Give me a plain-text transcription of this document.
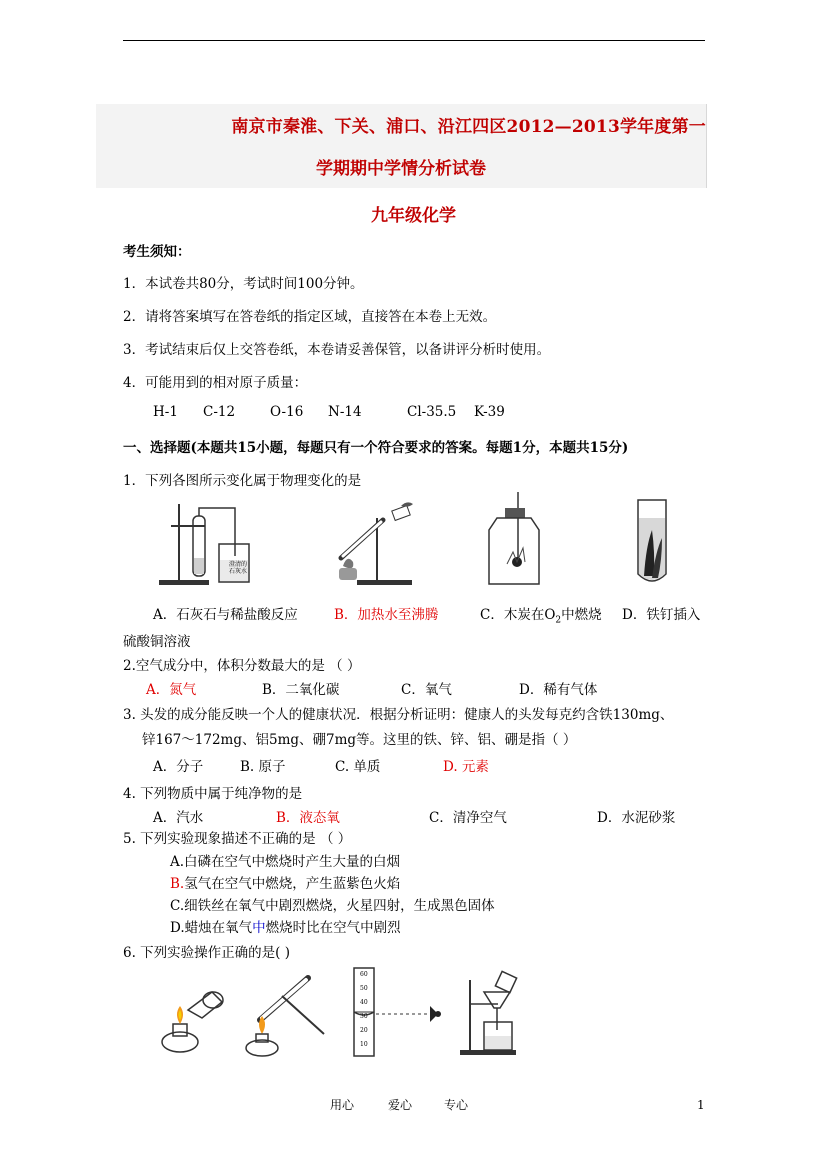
南京市秦淮、下关、浦口、沿江四区2012—2013学年度第一
学期期中学情分析试卷
九年级化学
考生须知：
1．本试卷共80分，考试时间100分钟。
2．请将答案填写在答卷纸的指定区域，直接答在本卷上无效。
3．考试结束后仅上交答卷纸，本卷请妥善保管，以备讲评分析时使用。
4．可能用到的相对原子质量：
H-1 C-12	O-16 N-14	Cl-35.5 K-39
一、选择题(本题共15小题，每题只有一个符合要求的答案。每题1分，本题共15分)
1．下列各图所示变化属于物理变化的是
澄清的
石灰水
A．石灰石与稀盐酸反应	B．加热水至沸腾	C．木炭在$O_2$中燃烧 D．铁钉插入
硫酸铜溶液
2.空气成分中，体积分数最大的是 （ ）
A．氮气	B．二氧化碳	C．氧气	D．稀有气体
3. 头发的成分能反映一个人的健康状况．根据分析证明：健康人的头发每克约含铁130mg、
锌167～172mg、铝5mg、硼7mg等。这里的铁、锌、铝、硼是指（ ）
A．分子	B. 原子	C. 单质	D. 元素
4. 下列物质中属于纯净物的是
A．汽水	B．液态氧	C．清净空气	D．水泥砂浆
5. 下列实验现象描述不正确的是 （ ）
A.白磷在空气中燃烧时产生大量的白烟
B.氢气在空气中燃烧，产生蓝紫色火焰
C.细铁丝在氧气中剧烈燃烧，火星四射，生成黑色固体
D.蜡烛在氧气中燃烧时比在空气中剧烈
6. 下列实验操作正确的是( )
60
50
40
30
20
10
用心	爱心	专心	1
